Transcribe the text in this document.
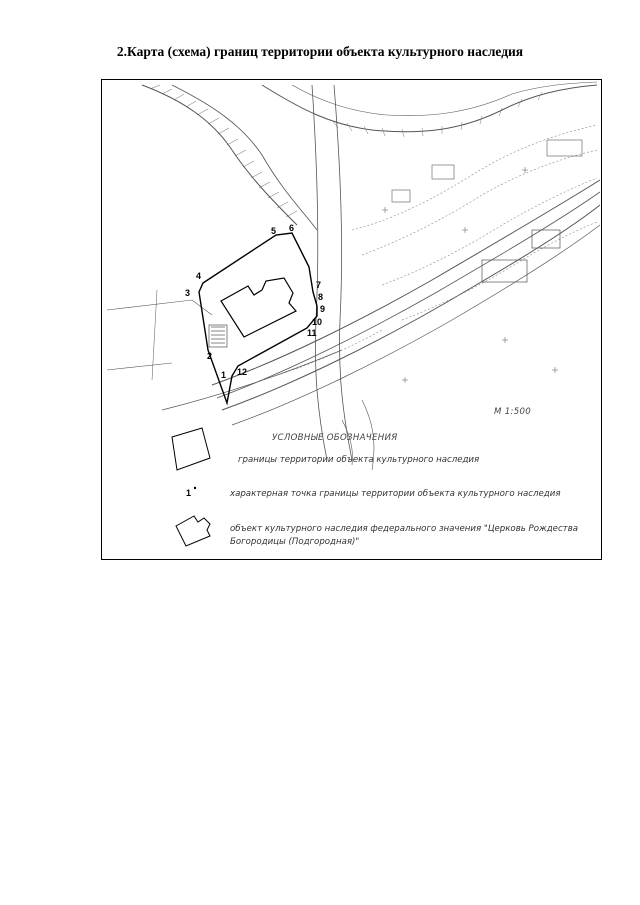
2.Карта (схема) границ территории объекта культурного наследия
1
2
3
4
5 6
7
8
9
10
11
12
М 1:500
УСЛОВНЫЕ ОБОЗНАЧЕНИЯ
границы территории объекта культурного наследия
1	характерная точка границы территории объекта культурного наследия
объект культурного наследия федерального значения "Церковь Рождества
Богородицы (Подгородная)"
